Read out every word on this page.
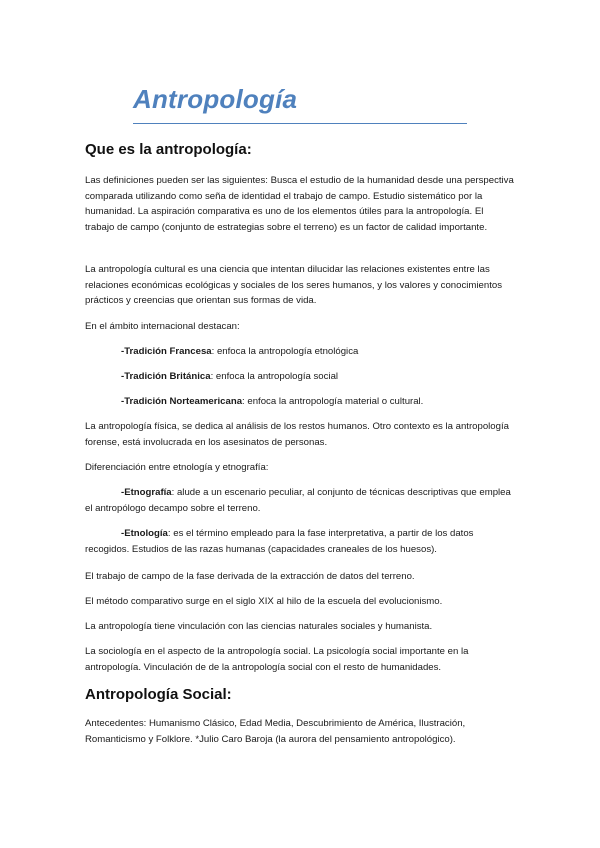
Antropología
Que es la antropología:

Las definiciones pueden ser las siguientes: Busca el estudio de la humanidad desde una perspectiva comparada utilizando como seña de identidad el trabajo de campo. Estudio sistemático por la humanidad. La aspiración comparativa es uno de los elementos útiles para la antropología. El trabajo de campo (conjunto de estrategias sobre el terreno) es un factor de calidad importante.

La antropología cultural es una ciencia que intentan dilucidar las relaciones existentes entre las relaciones económicas ecológicas y sociales de los seres humanos, y los valores y conocimientos prácticos y creencias que orientan sus formas de vida.

En el ámbito internacional destacan:

-Tradición Francesa: enfoca la antropología etnológica

-Tradición Británica: enfoca la antropología social

-Tradición Norteamericana: enfoca la antropología material o cultural.

La antropología física, se dedica al análisis de los restos humanos. Otro contexto es la antropología forense, está involucrada en los asesinatos de personas.

Diferenciación entre etnología y etnografía:

-Etnografía: alude a un escenario peculiar, al conjunto de técnicas descriptivas que emplea el antropólogo decampo sobre el terreno.

-Etnología: es el término empleado para la fase interpretativa, a partir de los datos recogidos. Estudios de las razas humanas (capacidades craneales de los huesos).

El trabajo de campo de la fase derivada de la extracción de datos del terreno.

El método comparativo surge en el siglo XIX al hilo de la escuela del evolucionismo.

La antropología tiene vinculación con las ciencias naturales sociales y humanista.

La sociología en el aspecto de la antropología social. La psicología social importante en la antropología. Vinculación de de la antropología social con el resto de humanidades.

Antropología Social:

Antecedentes: Humanismo Clásico, Edad Media, Descubrimiento de América, Ilustración, Romanticismo y Folklore. *Julio Caro Baroja (la aurora del pensamiento antropológico).
